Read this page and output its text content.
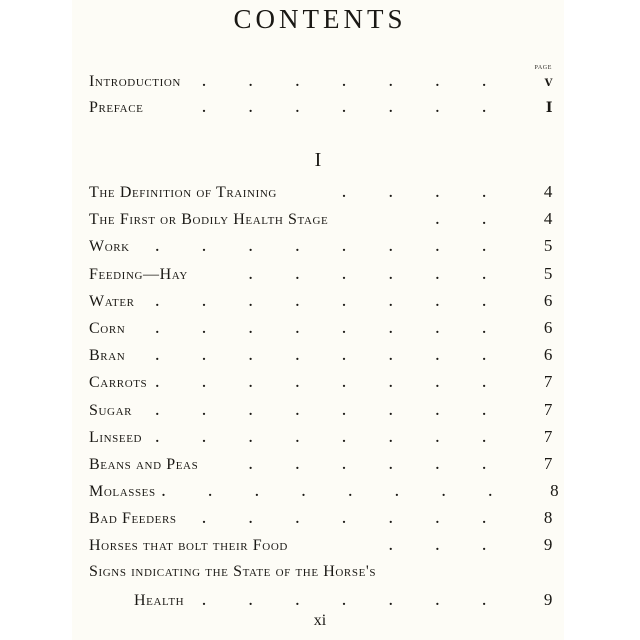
CONTENTS
page
Introduction .	.	.	.	.	.	.	v
Preface	.	.	.	.	.	.	.	I
I
The Definition of Training	.	.	.	.	4
The First or Bodily Health Stage	.	.	4
Work .	.	.	.	.	.	.	.	5
Feeding—Hay	.	.	.	.	.	.	5
Water .	.	.	.	.	.	.	.	6
Corn .	.	.	.	.	.	.	.	6
Bran .	.	.	.	.	.	.	.	6
Carrots .	.	.	.	.	.	.	.	7
Sugar .	.	.	.	.	.	.	.	7
Linseed .	.	.	.	.	.	.	.	7
Beans and Peas	.	.	.	.	.	.	7
Molasses .	.	.	.	.	.	.	.	8
Bad Feeders .	.	.	.	.	.	.	8
Horses that bolt their Food	.	.	.	9
Signs indicating the State of the Horse's
Health .	.	.	.	.	.	.	9
xi
